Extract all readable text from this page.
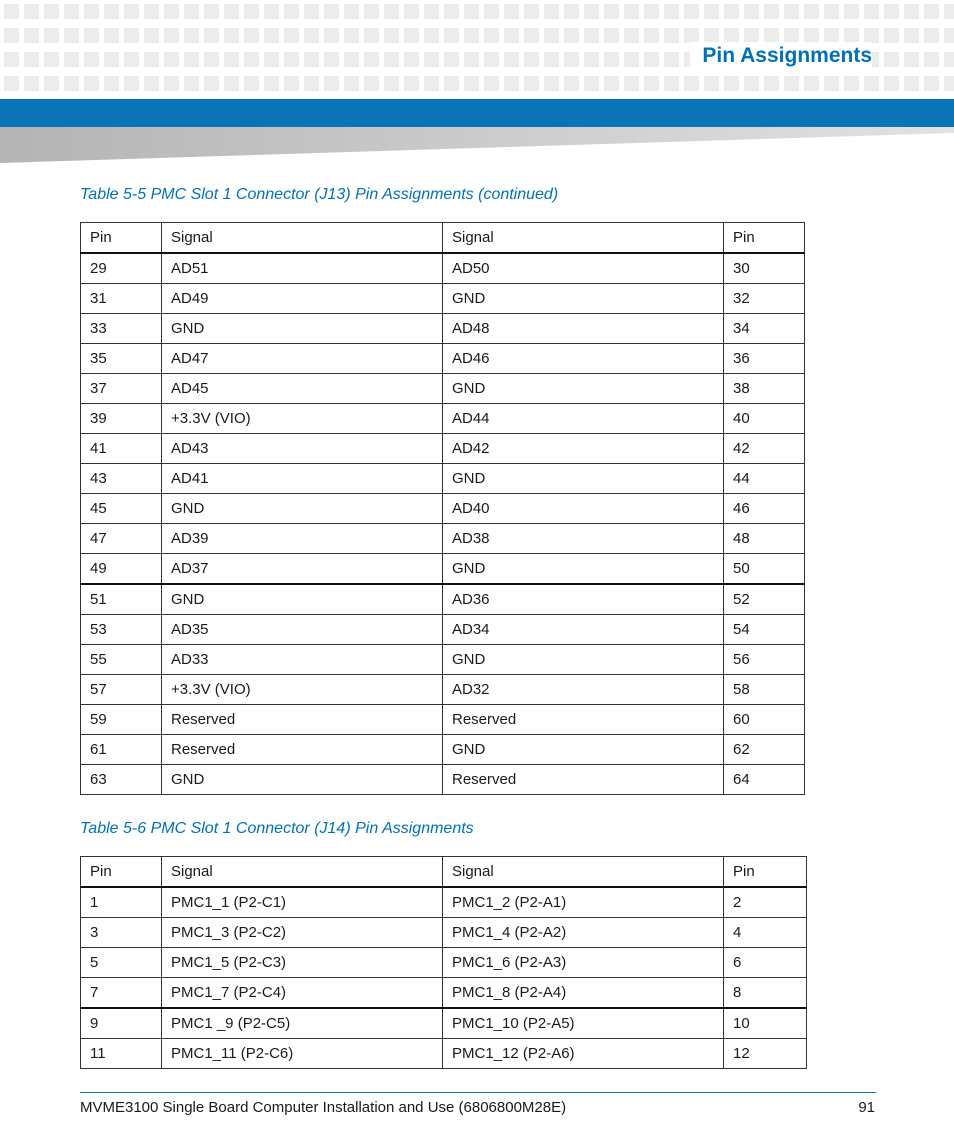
Pin Assignments
Table 5-5 PMC Slot 1 Connector (J13) Pin Assignments (continued)
Pin	Signal	Signal	Pin
29	AD51	AD50	30
31	AD49	GND	32
33	GND	AD48	34
35	AD47	AD46	36
37	AD45	GND	38
39	+3.3V (VIO)	AD44	40
41	AD43	AD42	42
43	AD41	GND	44
45	GND	AD40	46
47	AD39	AD38	48
49	AD37	GND	50
51	GND	AD36	52
53	AD35	AD34	54
55	AD33	GND	56
57	+3.3V (VIO)	AD32	58
59	Reserved	Reserved	60
61	Reserved	GND	62
63	GND	Reserved	64
Table 5-6 PMC Slot 1 Connector (J14) Pin Assignments
Pin	Signal	Signal	Pin
1	PMC1_1 (P2-C1)	PMC1_2 (P2-A1)	2
3	PMC1_3 (P2-C2)	PMC1_4 (P2-A2)	4
5	PMC1_5 (P2-C3)	PMC1_6 (P2-A3)	6
7	PMC1_7 (P2-C4)	PMC1_8 (P2-A4)	8
9	PMC1 _9 (P2-C5)	PMC1_10 (P2-A5)	10
11	PMC1_11 (P2-C6)	PMC1_12 (P2-A6)	12
MVME3100 Single Board Computer Installation and Use (6806800M28E)	91
